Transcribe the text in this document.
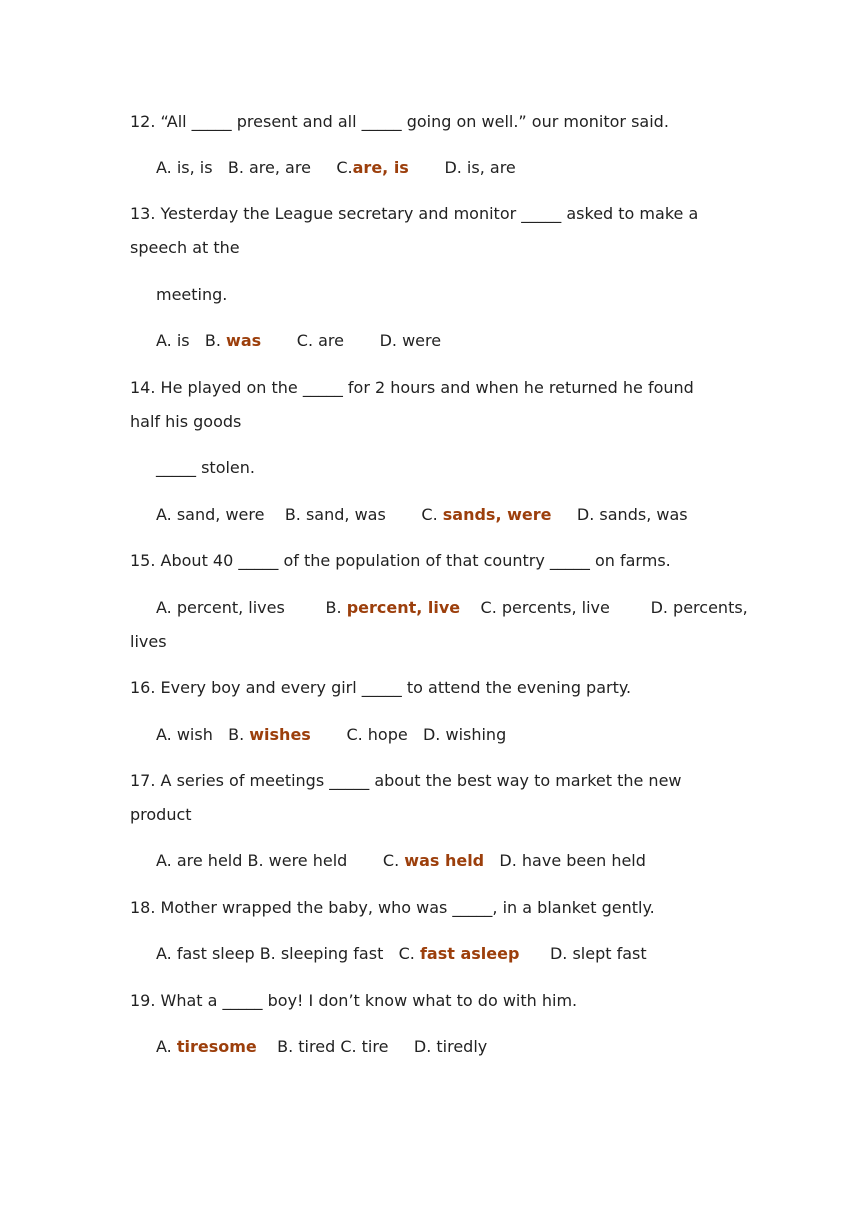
12. “All _____ present and all _____ going on well.” our monitor said.
A. is, is B. are, are C.are, is D. is, are
13. Yesterday the League secretary and monitor _____ asked to make a
speech at the
meeting.
A. is B. was C. are D. were
14. He played on the _____ for 2 hours and when he returned he found
half his goods
_____ stolen.
A. sand, were B. sand, was C. sands, were D. sands, was
15. About 40 _____ of the population of that country _____ on farms.
A. percent, lives	B. percent, live C. percents, live	D. percents,
lives
16. Every boy and every girl _____ to attend the evening party.
A. wish B. wishes C. hope D. wishing
17. A series of meetings _____ about the best way to market the new
product
A. are held B. were held C. was held D. have been held
18. Mother wrapped the baby, who was _____, in a blanket gently.
A. fast sleep B. sleeping fast C. fast asleep D. slept fast
19. What a _____ boy! I don’t know what to do with him.
A. tiresome B. tired C. tire D. tiredly
